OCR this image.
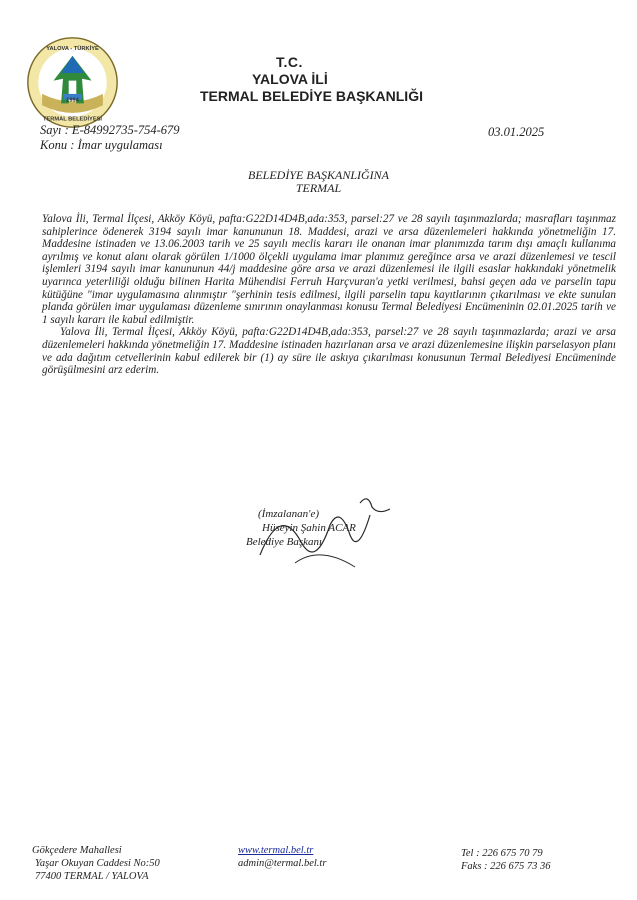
YALOVA - TÜRKİYE
1994
TERMAL BELEDİYESİ
T.C.
YALOVA İLİ
TERMAL BELEDİYE BAŞKANLIĞI
Sayı : E-84992735-754-679
Konu : İmar uygulaması
03.01.2025
BELEDİYE BAŞKANLIĞINA
TERMAL

Yalova İli, Termal İlçesi, Akköy Köyü, pafta:G22D14D4B,ada:353, parsel:27 ve 28 sayılı taşınmazlarda; masrafları taşınmaz sahiplerince ödenerek 3194 sayılı imar kanununun 18. Maddesi, arazi ve arsa düzenlemeleri hakkında yönetmeliğin 17. Maddesine istinaden ve 13.06.2003 tarih ve 25 sayılı meclis kararı ile onanan imar planımızda tarım dışı amaçlı kullanıma ayrılmış ve konut alanı olarak görülen 1/1000 ölçekli uygulama imar planımız gereğince arsa ve arazi düzenlemesi ve tescil işlemleri 3194 sayılı imar kanununun 44/j maddesine göre arsa ve arazi düzenlemesi ile ilgili esaslar hakkındaki yönetmelik uyarınca yeterliliği olduğu bilinen Harita Mühendisi Ferruh Harçvuran'a yetki verilmesi, bahsi geçen ada ve parselin tapu kütüğüne "imar uygulamasına alınmıştır "şerhinin tesis edilmesi, ilgili parselin tapu kayıtlarının çıkarılması ve ekte sunulan planda görülen imar uygulaması düzenleme sınırının onaylanması konusu Termal Belediyesi Encümeninin 02.01.2025 tarih ve 1 sayılı kararı ile kabul edilmiştir.

Yalova İli, Termal İlçesi, Akköy Köyü, pafta:G22D14D4B,ada:353, parsel:27 ve 28 sayılı taşınmazlarda; arazi ve arsa düzenlemeleri hakkında yönetmeliğin 17. Maddesine istinaden hazırlanan arsa ve arazi düzenlemesine ilişkin parselasyon planı ve ada dağıtım cetvellerinin kabul edilerek bir (1) ay süre ile askıya çıkarılması konusunun Termal Belediyesi Encümeninde görüşülmesini arz ederim.

(İmzalanan'e)
Hüseyin Şahin ACAR
Belediye Başkanı
Gökçedere Mahallesi
Yaşar Okuyan Caddesi No:50
77400 TERMAL / YALOVA
www.termal.bel.tr
admin@termal.bel.tr
Tel : 226 675 70 79
Faks : 226 675 73 36
